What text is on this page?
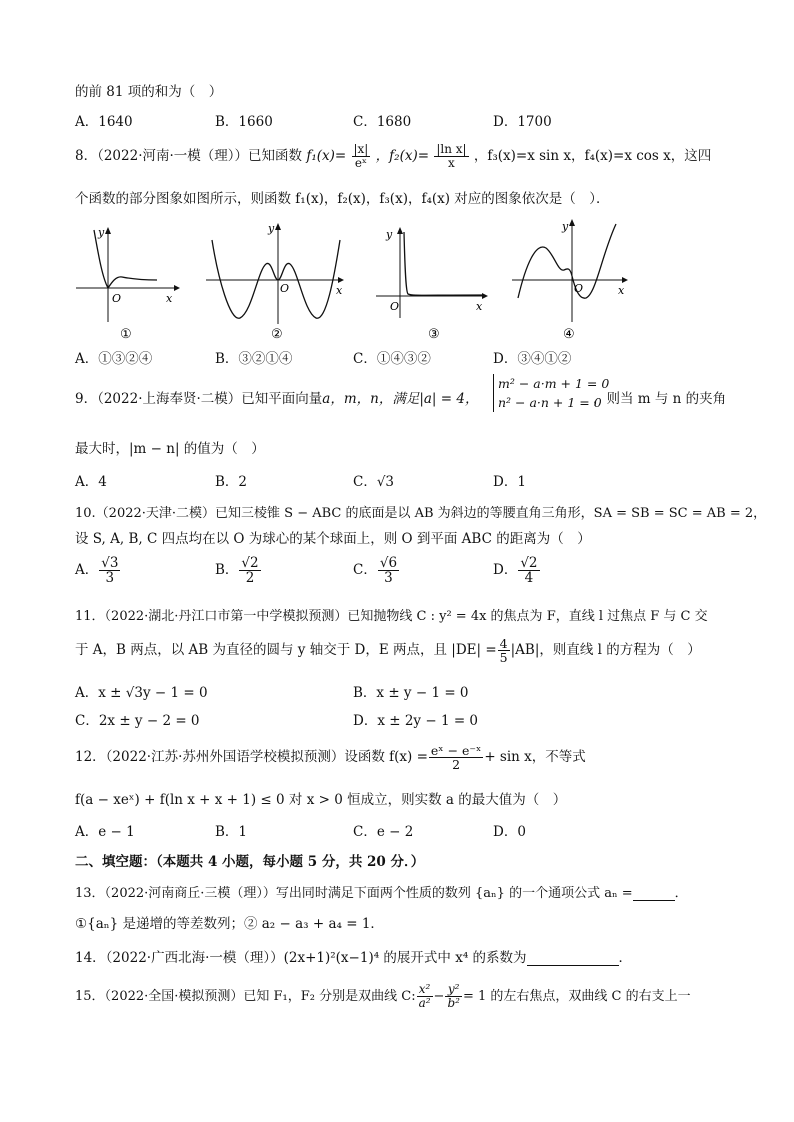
的前 81 项的和为（　）
A．1640	B．1660	C．1680	D．1700
8．（2022·河南·一模（理））已知函数 $f_1(x)= \frac{|x|}{\text{eˣ}}$ ，$f_2(x)= \frac{\text{|ln x|}}{x}$ ，f₃(x)=x sin x，f₄(x)=x cos x，这四
个函数的部分图象如图所示，则函数 f₁(x)，f₂(x)，f₃(x)，f₄(x) 对应的图象依次是（　）．
y
O	x
①
y
O	x
②
y
O	x
③
y
O	x
④
A．①③②④	B．③②①④	C．①④③②	D．③④①②
9．（2022·上海奉贤·二模）已知平面向量a，m，n，满足|a| = 4，
m² − a·m + 1 = 0
n² − a·n + 1 = 0
，则当 m 与 n 的夹角
最大时，|m − n| 的值为（　）
A．4	B．2	C．√3	D．1
10.（2022·天津·二模）已知三棱锥 S − ABC 的底面是以 AB 为斜边的等腰直角三角形，SA = SB = SC = AB = 2，
设 S, A, B, C 四点均在以 O 为球心的某个球面上，则 O 到平面 ABC 的距离为（　）
A． $\frac{√3}{3}$	B． $\frac{√2}{2}$	C． $\frac{√6}{3}$	D． $\frac{√2}{4}$
11．（2022·湖北·丹江口市第一中学模拟预测）已知抛物线 C : y² = 4x 的焦点为 F，直线 l 过焦点 F 与 C 交
于 A，B 两点，以 AB 为直径的圆与 y 轴交于 D，E 两点，且 $|DE| = \frac{4}{5} |AB|$，则直线 l 的方程为（　）
A．x ± √3y − 1 = 0	B．x ± y − 1 = 0
C．2x ± y − 2 = 0	D．x ± 2y − 1 = 0
12．（2022·江苏·苏州外国语学校模拟预测）设函数 $f(x) = \frac{\text{eˣ − e⁻ˣ}}{2} + \sin x$，不等式
f(a − xeˣ) + f(ln x + x + 1) ≤ 0 对 x > 0 恒成立，则实数 a 的最大值为（　）
A．e − 1	B．1	C．e − 2	D．0
二、填空题：（本题共 4 小题，每小题 5 分，共 20 分．）
13．（2022·河南商丘·三模（理））写出同时满足下面两个性质的数列 {aₙ} 的一个通项公式 aₙ =	．
①{aₙ} 是递增的等差数列；② a₂ − a₃ + a₄ = 1．
14．（2022·广西北海·一模（理））(2x+1)²(x−1)⁴ 的展开式中 x⁴ 的系数为	．
15．（2022·全国·模拟预测）已知 F₁，F₂ 分别是双曲线 C: $\frac{\text{x²}}{\text{a²}} - \frac{\text{y²}}{\text{b²}} = 1$ 的左右焦点，双曲线 C 的右支上一
